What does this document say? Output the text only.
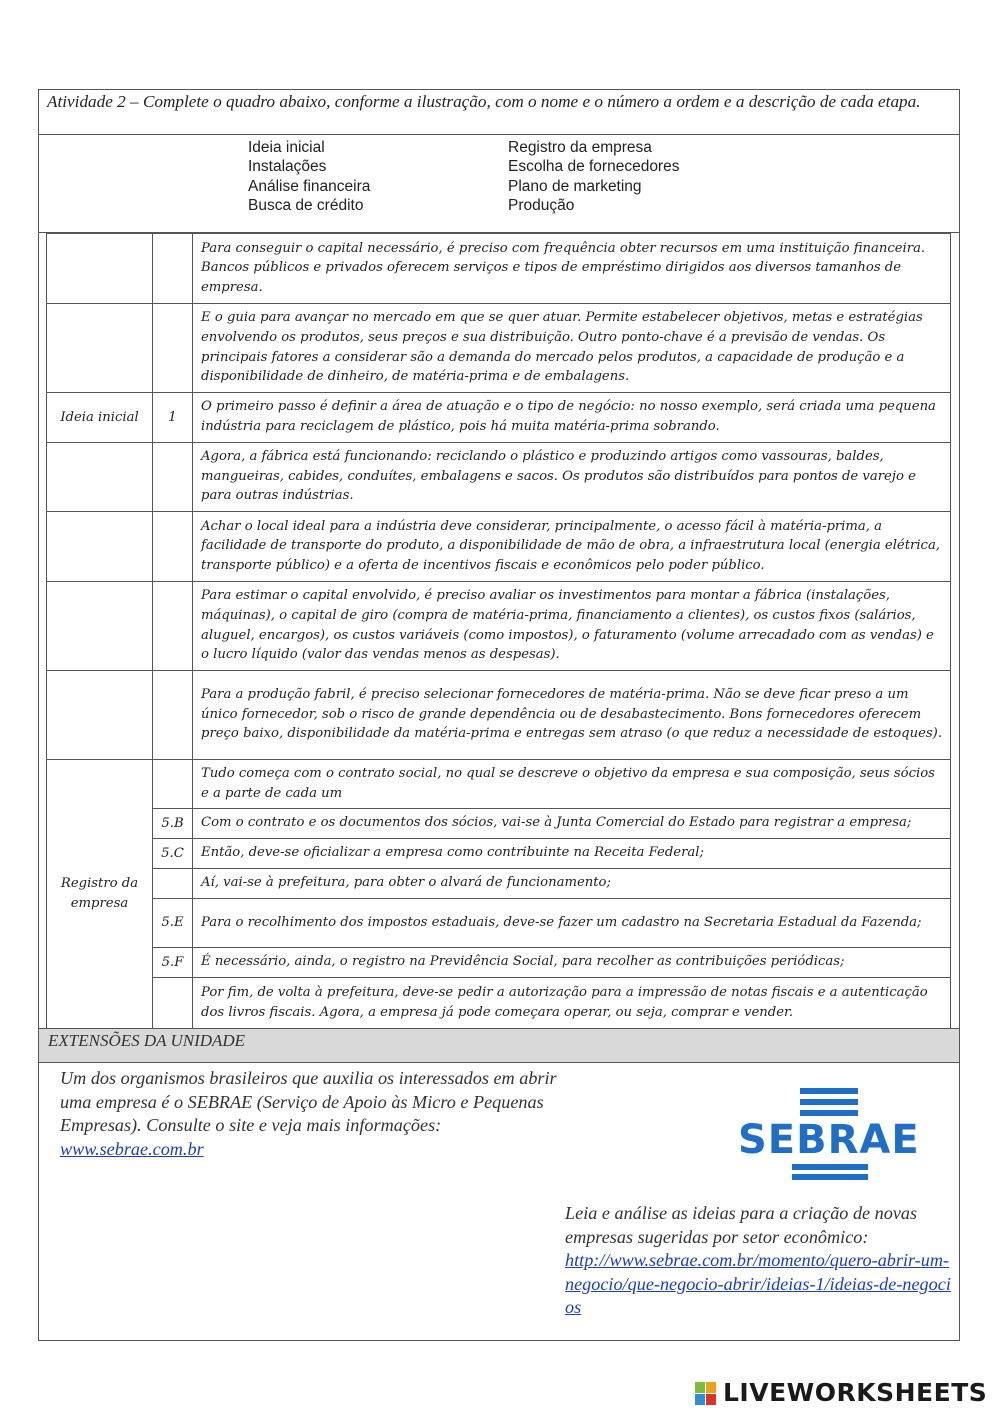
Atividade 2 – Complete o quadro abaixo, conforme a ilustração, com o nome e o número a ordem e a descrição de cada etapa.
Ideia inicial
Instalações
Análise financeira
Busca de crédito
Registro da empresa
Escolha de fornecedores
Plano de marketing
Produção
		Para conseguir o capital necessário, é preciso com frequência obter recursos em uma instituição financeira. Bancos públicos e privados oferecem serviços e tipos de empréstimo dirigidos aos diversos tamanhos de empresa.
		E o guia para avançar no mercado em que se quer atuar. Permite estabelecer objetivos, metas e estratégias envolvendo os produtos, seus preços e sua distribuição. Outro ponto-chave é a previsão de vendas. Os principais fatores a considerar são a demanda do mercado pelos produtos, a capacidade de produção e a disponibilidade de dinheiro, de matéria-prima e de embalagens.
Ideia inicial	1	O primeiro passo é definir a área de atuação e o tipo de negócio: no nosso exemplo, será criada uma pequena indústria para reciclagem de plástico, pois há muita matéria-prima sobrando.
		Agora, a fábrica está funcionando: reciclando o plástico e produzindo artigos como vassouras, baldes, mangueiras, cabides, conduítes, embalagens e sacos. Os produtos são distribuídos para pontos de varejo e para outras indústrias.
		Achar o local ideal para a indústria deve considerar, principalmente, o acesso fácil à matéria-prima, a facilidade de transporte do produto, a disponibilidade de mão de obra, a infraestrutura local (energia elétrica, transporte público) e a oferta de incentivos fiscais e econômicos pelo poder público.
		Para estimar o capital envolvido, é preciso avaliar os investimentos para montar a fábrica (instalações, máquinas), o capital de giro (compra de matéria-prima, financiamento a clientes), os custos fixos (salários, aluguel, encargos), os custos variáveis (como impostos), o faturamento (volume arrecadado com as vendas) e o lucro líquido (valor das vendas menos as despesas).
		Para a produção fabril, é preciso selecionar fornecedores de matéria-prima. Não se deve ficar preso a um único fornecedor, sob o risco de grande dependência ou de desabastecimento. Bons fornecedores oferecem preço baixo, disponibilidade da matéria-prima e entregas sem atraso (o que reduz a necessidade de estoques).
Registro da empresa		Tudo começa com o contrato social, no qual se descreve o objetivo da empresa e sua composição, seus sócios e a parte de cada um
	5.B	Com o contrato e os documentos dos sócios, vai-se à Junta Comercial do Estado para registrar a empresa;
	5.C	Então, deve-se oficializar a empresa como contribuinte na Receita Federal;
		Aí, vai-se à prefeitura, para obter o alvará de funcionamento;
	5.E	Para o recolhimento dos impostos estaduais, deve-se fazer um cadastro na Secretaria Estadual da Fazenda;
	5.F	É necessário, ainda, o registro na Previdência Social, para recolher as contribuições periódicas;
		Por fim, de volta à prefeitura, deve-se pedir a autorização para a impressão de notas fiscais e a autenticação dos livros fiscais. Agora, a empresa já pode começara operar, ou seja, comprar e vender.
EXTENSÕES DA UNIDADE
Um dos organismos brasileiros que auxilia os interessados em abrir uma empresa é o SEBRAE (Serviço de Apoio às Micro e Pequenas Empresas). Consulte o site e veja mais informações: www.sebrae.com.br	SEBRAE
Leia e análise as ideias para a criação de novas empresas sugeridas por setor econômico:
http://www.sebrae.com.br/momento/quero-abrir-um-negocio/que-negocio-abrir/ideias-1/ideias-de-negocios
LIVEWORKSHEETS
